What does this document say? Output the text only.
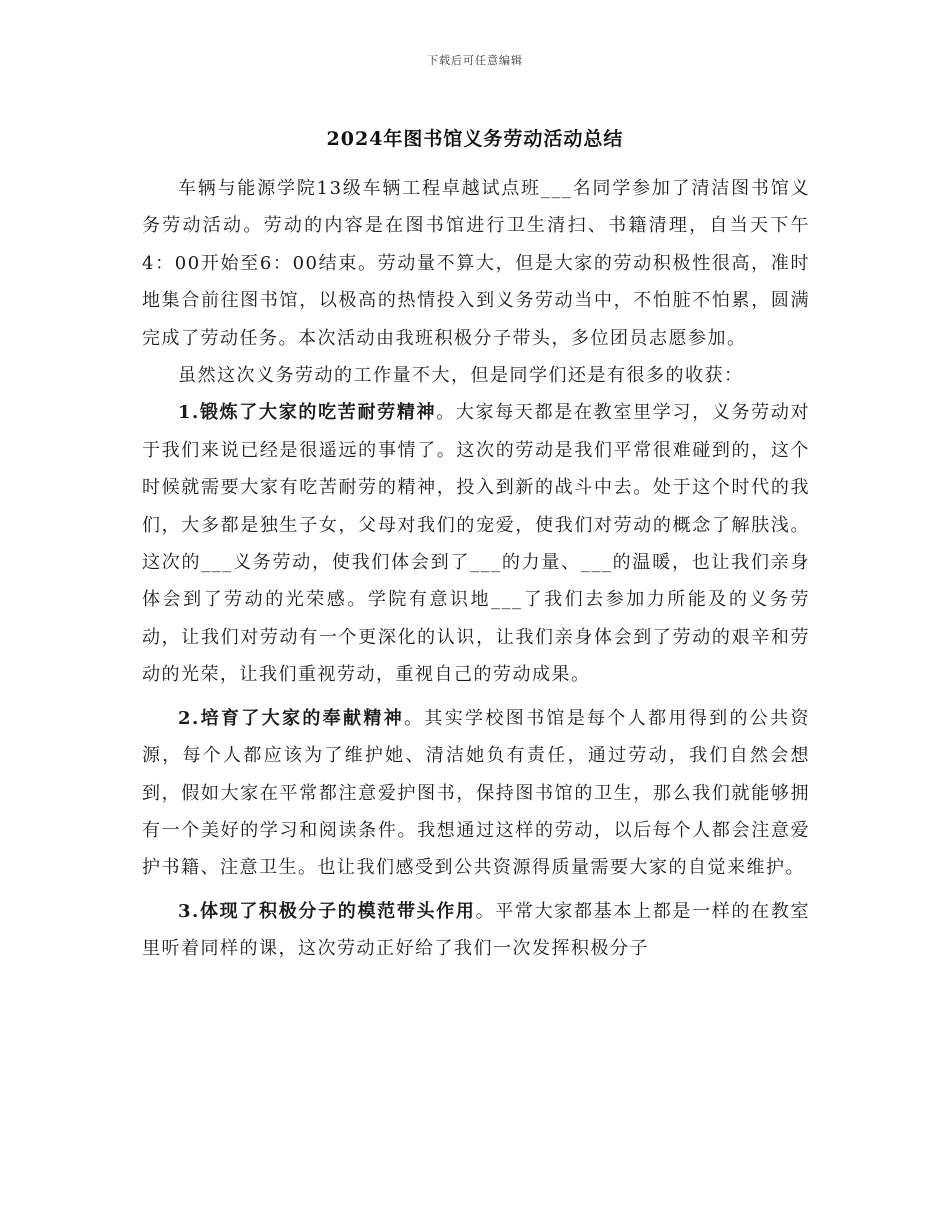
下载后可任意编辑
2024年图书馆义务劳动活动总结

车辆与能源学院13级车辆工程卓越试点班___名同学参加了清洁图书馆义务劳动活动。劳动的内容是在图书馆进行卫生清扫、书籍清理，自当天下午4：00开始至6：00结束。劳动量不算大，但是大家的劳动积极性很高，准时地集合前往图书馆，以极高的热情投入到义务劳动当中，不怕脏不怕累，圆满完成了劳动任务。本次活动由我班积极分子带头，多位团员志愿参加。

虽然这次义务劳动的工作量不大，但是同学们还是有很多的收获：

1.锻炼了大家的吃苦耐劳精神。大家每天都是在教室里学习，义务劳动对于我们来说已经是很遥远的事情了。这次的劳动是我们平常很难碰到的，这个时候就需要大家有吃苦耐劳的精神，投入到新的战斗中去。处于这个时代的我们，大多都是独生子女，父母对我们的宠爱，使我们对劳动的概念了解肤浅。这次的___义务劳动，使我们体会到了___的力量、___的温暖，也让我们亲身体会到了劳动的光荣感。学院有意识地___了我们去参加力所能及的义务劳动，让我们对劳动有一个更深化的认识，让我们亲身体会到了劳动的艰辛和劳动的光荣，让我们重视劳动，重视自己的劳动成果。

2.培育了大家的奉献精神。其实学校图书馆是每个人都用得到的公共资源，每个人都应该为了维护她、清洁她负有责任，通过劳动，我们自然会想到，假如大家在平常都注意爱护图书，保持图书馆的卫生，那么我们就能够拥有一个美好的学习和阅读条件。我想通过这样的劳动，以后每个人都会注意爱护书籍、注意卫生。也让我们感受到公共资源得质量需要大家的自觉来维护。

3.体现了积极分子的模范带头作用。平常大家都基本上都是一样的在教室里听着同样的课，这次劳动正好给了我们一次发挥积极分子
